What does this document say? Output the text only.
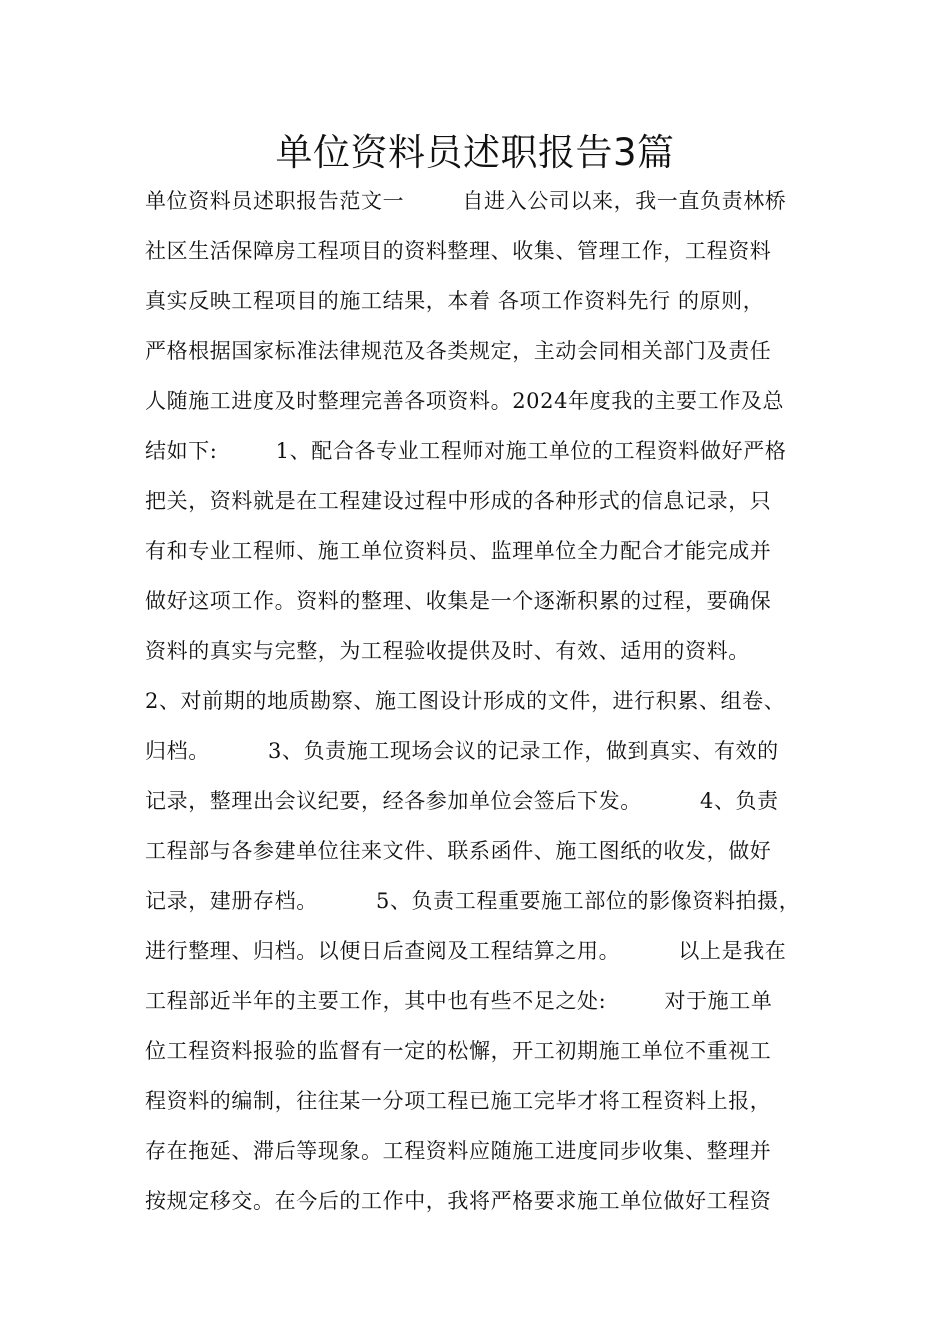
单位资料员述职报告3篇
单位资料员述职报告范文一        自进入公司以来，我一直负责林桥
社区生活保障房工程项目的资料整理、收集、管理工作，工程资料
真实反映工程项目的施工结果，本着 各项工作资料先行 的原则，
严格根据国家标准法律规范及各类规定，主动会同相关部门及责任
人随施工进度及时整理完善各项资料。2024年度我的主要工作及总
结如下:        1、配合各专业工程师对施工单位的工程资料做好严格
把关，资料就是在工程建设过程中形成的各种形式的信息记录，只
有和专业工程师、施工单位资料员、监理单位全力配合才能完成并
做好这项工作。资料的整理、收集是一个逐渐积累的过程，要确保
资料的真实与完整，为工程验收提供及时、有效、适用的资料。
2、对前期的地质勘察、施工图设计形成的文件，进行积累、组卷、
归档。        3、负责施工现场会议的记录工作，做到真实、有效的
记录，整理出会议纪要，经各参加单位会签后下发。        4、负责
工程部与各参建单位往来文件、联系函件、施工图纸的收发，做好
记录，建册存档。        5、负责工程重要施工部位的影像资料拍摄，
进行整理、归档。以便日后查阅及工程结算之用。        以上是我在
工程部近半年的主要工作，其中也有些不足之处:        对于施工单
位工程资料报验的监督有一定的松懈，开工初期施工单位不重视工
程资料的编制，往往某一分项工程已施工完毕才将工程资料上报，
存在拖延、滞后等现象。工程资料应随施工进度同步收集、整理并
按规定移交。在今后的工作中，我将严格要求施工单位做好工程资
